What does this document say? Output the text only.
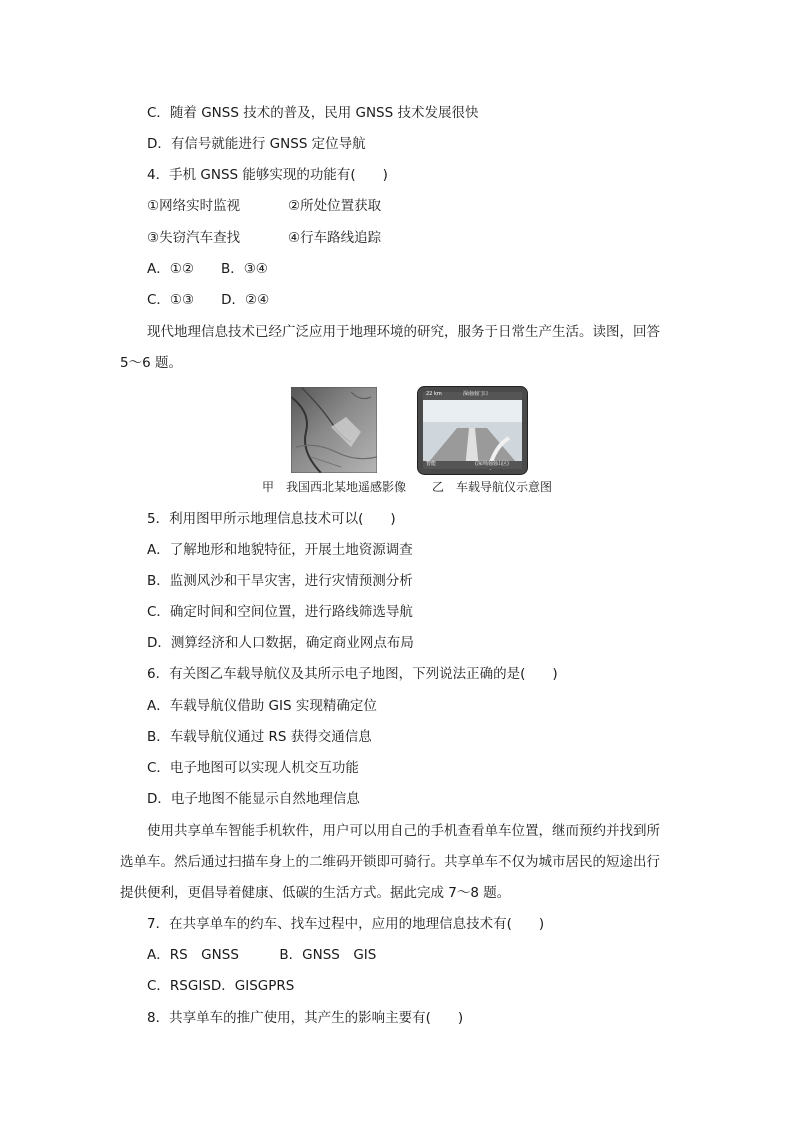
C．随着 GNSS 技术的普及，民用 GNSS 技术发展很快
D．有信号就能进行 GNSS 定位导航
4．手机 GNSS 能够实现的功能有(　　)
①网络实时监视	②所处位置获取
③失窃汽车查找	④行车路线追踪
A．①②　　B．③④
C．①③　　D．②④
现代地理信息技术已经广泛应用于地理环境的研究，服务于日常生产生活。读图，回答
5～6 题。
22 km	深南南门口
智能	(深圳南南山区)
甲　我国西北某地遥感影像 乙　车载导航仪示意图
5．利用图甲所示地理信息技术可以(　　)
A．了解地形和地貌特征，开展土地资源调查
B．监测风沙和干旱灾害，进行灾情预测分析
C．确定时间和空间位置，进行路线筛选导航
D．测算经济和人口数据，确定商业网点布局
6．有关图乙车载导航仪及其所示电子地图，下列说法正确的是(　　)
A．车载导航仪借助 GIS 实现精确定位
B．车载导航仪通过 RS 获得交通信息
C．电子地图可以实现人机交互功能
D．电子地图不能显示自然地理信息
使用共享单车智能手机软件，用户可以用自己的手机查看单车位置，继而预约并找到所
选单车。然后通过扫描车身上的二维码开锁即可骑行。共享单车不仅为城市居民的短途出行
提供便利，更倡导着健康、低碳的生活方式。据此完成 7～8 题。
7．在共享单车的约车、找车过程中，应用的地理信息技术有(　　)
A．RS　GNSS　　　B．GNSS　GIS
C．RSGISD．GISGPRS
8．共享单车的推广使用，其产生的影响主要有(　　)
